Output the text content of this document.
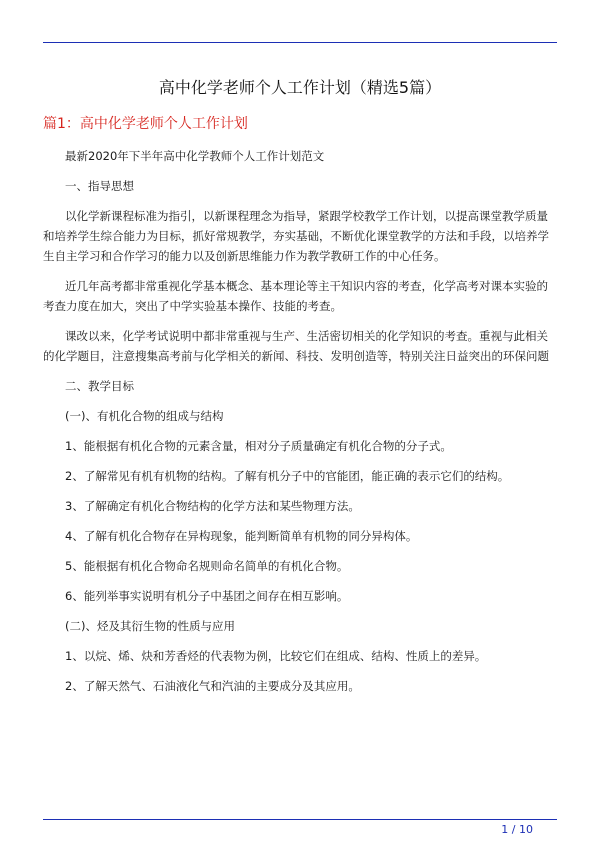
高中化学老师个人工作计划（精选5篇）
篇1：高中化学老师个人工作计划

最新2020年下半年高中化学教师个人工作计划范文

一、指导思想

以化学新课程标准为指引，以新课程理念为指导，紧跟学校教学工作计划，以提高课堂教学质量和培养学生综合能力为目标，抓好常规教学，夯实基础，不断优化课堂教学的方法和手段，以培养学生自主学习和合作学习的能力以及创新思维能力作为教学教研工作的中心任务。

近几年高考都非常重视化学基本概念、基本理论等主干知识内容的考查，化学高考对课本实验的考查力度在加大，突出了中学实验基本操作、技能的考查。

课改以来，化学考试说明中都非常重视与生产、生活密切相关的化学知识的考查。重视与此相关的化学题目，注意搜集高考前与化学相关的新闻、科技、发明创造等，特别关注日益突出的环保问题

二、教学目标

(一)、有机化合物的组成与结构

1、能根据有机化合物的元素含量，相对分子质量确定有机化合物的分子式。

2、了解常见有机有机物的结构。了解有机分子中的官能团，能正确的表示它们的结构。

3、了解确定有机化合物结构的化学方法和某些物理方法。

4、了解有机化合物存在异构现象，能判断简单有机物的同分异构体。

5、能根据有机化合物命名规则命名简单的有机化合物。

6、能列举事实说明有机分子中基团之间存在相互影响。

(二)、烃及其衍生物的性质与应用

1、以烷、烯、炔和芳香烃的代表物为例，比较它们在组成、结构、性质上的差异。

2、了解天然气、石油液化气和汽油的主要成分及其应用。

1 / 10
